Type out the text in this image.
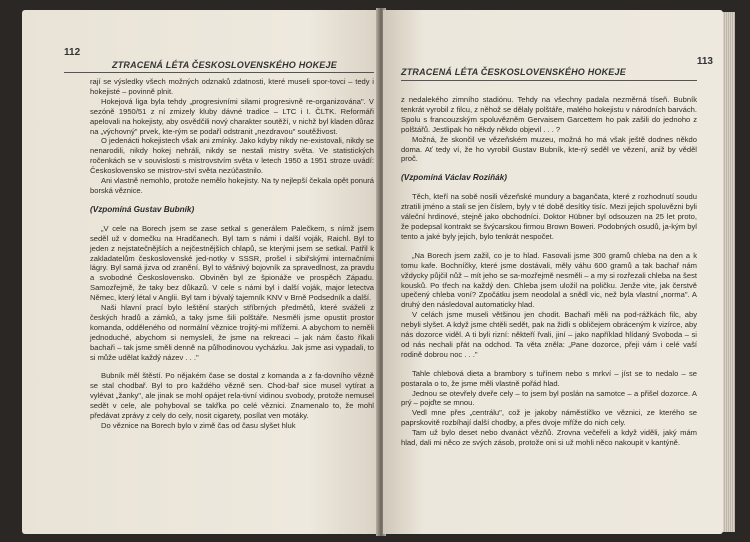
112
ZTRACENÁ LÉTA ČESKOSLOVENSKÉHO HOKEJE

rají se výsledky všech možných odznaků zdatnosti, které museli spor-tovci – tedy i hokejisté – povinně plnit.

Hokejová liga byla tehdy „progresivními silami progresivně re-organizována". V sezóně 1950/51 z ní zmizely kluby dávné tradice – LTC i I. ČLTK. Reformáři apelovali na hokejisty, aby osvědčili nový charakter soutěží, v nichž byl kladen důraz na „výchovný" prvek, kte-rým se podaří odstranit „nezdravou" soutěživost.

O jedenácti hokejistech však ani zmínky. Jako kdyby nikdy ne-existovali, nikdy se nenarodili, nikdy hokej nehráli, nikdy se nestali mistry světa. Ve statistických ročenkách se v souvislosti s mistrovstvím světa v letech 1950 a 1951 stroze uvádí: Československo se mistrov-ství světa nezúčastnilo.

Ani vlastně nemohlo, protože nemělo hokejisty. Na ty nejlepší čekala opět ponurá borská věznice.

(Vzpomíná Gustav Bubník)

„V cele na Borech jsem se zase setkal s generálem Palečkem, s nímž jsem seděl už v domečku na Hradčanech. Byl tam s námi i další voják, Raichl. Byl to jeden z nejstatečnějších a nejčestnějších chlapů, se kterými jsem se setkal. Patřil k zakladatelům československé jed-notky v SSSR, prošel i sibiřskými internačními lágry. Byl samá jizva od zranění. Byl to vášnivý bojovník za spravedlnost, za pravdu a svobodné Československo. Obviněn byl ze špionáže ve prospěch Západu. Samozřejmě, že taky bez důkazů. V cele s námi byl i další voják, major letectva Němec, který létal v Anglii. Byl tam i bývalý tajemník KNV v Brně Podsedník a další.

Naši hlavní prací bylo leštění starých stříbrných předmětů, které sváželi z českých hradů a zámků, a taky jsme šili polštáře. Nesměli jsme opustit prostor komanda, odděleného od normální věznice trojitý-mi mřížemi. A abychom to neměli jednoduché, abychom si nemysleli, že jsme na rekreaci – jak nám často říkali bachaři – tak jsme směli denně na půlhodinovou vycházku. Jak jsme asi vypadali, to si může udělat každý název . . ."

Bubník měl štěstí. Po nějakém čase se dostal z komanda a z fa-dovního vězně se stal chodbař. Byl to pro každého vězně sen. Chod-bař sice musel vytírat a vylévat „žanky", ale jinak se mohl opájet rela-tivní vidinou svobody, protože nemusel sedět v cele, ale pohyboval se takřka po celé věznici. Znamenalo to, že mohl předávat zprávy z cely do cely, nosit cigarety, posílat ven motáky.

Do věznice na Borech bylo v zimě čas od času slyšet hluk

113
ZTRACENÁ LÉTA ČESKOSLOVENSKÉHO HOKEJE

z nedalekého zimního stadiónu. Tehdy na všechny padala nezměrná tíseň. Bubník tenkrát vyrobil z filcu, z něhož se dělaly polštáře, malého hokejistu v národních barvách. Spolu s francouzským spoluvězněm Gervaisem Garcettem ho pak zašili do jednoho z polštářů. Jestlipak ho někdy někdo objevil . . . ?

Možná, že skončil ve vězeňském muzeu, možná ho má však ještě dodnes někdo doma. Ať tedy ví, že ho vyrobil Gustav Bubník, kte-rý seděl ve vězení, aniž by věděl proč.

(Vzpomíná Václav Roziňák)

Těch, kteří na sobě nosili vězeňské mundury a bagančata, které z rozhodnutí soudu ztratili jméno a stali se jen číslem, byly v té době desítky tisíc. Mezi jejich spoluvězni byli váleční hrdinové, stejně jako obchodníci. Doktor Hübner byl odsouzen na 25 let proto, že podepsal kontrakt se švýcarskou firmou Brown Boweri. Podobných osudů, ja-kým byl tento a jaké byly jejich, bylo tenkrát nespočet.

„Na Borech jsem zažil, co je to hlad. Fasovali jsme 300 gramů chleba na den a k tomu kafe. Bochníčky, které jsme dostávali, měly váhu 600 gramů a tak bachař nám vždycky půjčil nůž – mít jeho se sa-mozřejmě nesměli – a my si rozřezali chleba na šest kousků. Po třech na každý den. Chleba jsem uložil na poličku. Jenže vite, jak čerstvě upečený chleba voní? Zpočátku jsem neodolal a snědl vic, než byla vlastní „norma". A druhý den následoval automaticky hlad.

V celách jsme museli většinou jen chodit. Bachaři měli na pod-rážkách filc, aby nebyli slyšet. A když jsme chtěli sedět, pak na židli s obličejem obráceným k vizírce, aby nás dozorce viděl. A ti byli rizní: někteří řvali, jiní – jako například hlídaný Svoboda – si od nás nechali přát na odchod. Ta věta zněla: „Pane dozorce, přeji vám i celé vaší rodině dobrou noc . . ."

Tahle chlebová dieta a brambory s tuřínem nebo s mrkví – jíst se to nedalo – se postarala o to, že jsme měli vlastně pořád hlad.

Jednou se otevřely dveře cely – to jsem byl poslán na samotce – a přišel dozorce. A prý – pojďte se mnou.

Vedl mne přes „centrálu", což je jakoby náměstíčko ve věznici, ze kterého se paprskovitě rozbíhají další chodby, a přes dvoje mříže do nich cely.

Tam už bylo deset nebo dvanáct vězňů. Zrovna večeřeli a když viděli, jaký mám hlad, dali mi něco ze svých zásob, protože oni si už mohli něco nakoupit v kantýně.
